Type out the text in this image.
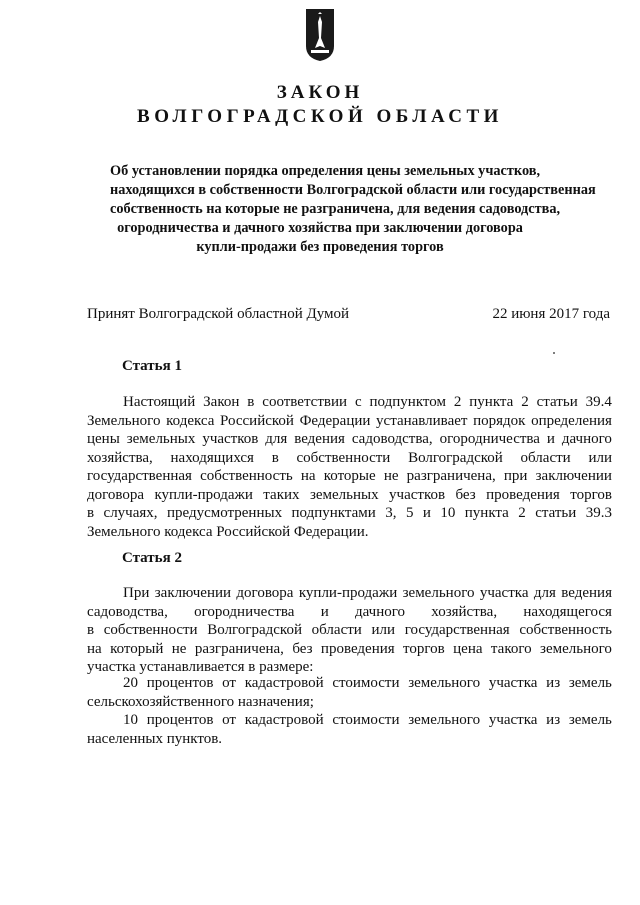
ЗАКОН
ВОЛГОГРАДСКОЙ ОБЛАСТИ
Об установлении порядка определения цены земельных участков,
находящихся в собственности Волгоградской области или государственная
собственность на которые не разграничена, для ведения садоводства,
огородничества и дачного хозяйства при заключении договора
купли-продажи без проведения торгов
Принят Волгоградской областной Думой	22 июня 2017 года
Статья 1
Настоящий Закон в соответствии с подпунктом 2 пункта 2 статьи 39.4
Земельного кодекса Российской Федерации устанавливает порядок определения
цены земельных участков для ведения садоводства, огородничества и дачного
хозяйства, находящихся в собственности Волгоградской области или
государственная собственность на которые не разграничена, при заключении
договора купли-продажи таких земельных участков без проведения торгов
в случаях, предусмотренных подпунктами 3, 5 и 10 пункта 2 статьи 39.3
Земельного кодекса Российской Федерации.
Статья 2
При заключении договора купли-продажи земельного участка для ведения
садоводства, огородничества и дачного хозяйства, находящегося
в собственности Волгоградской области или государственная собственность
на который не разграничена, без проведения торгов цена такого земельного
участка устанавливается в размере:
20 процентов от кадастровой стоимости земельного участка из земель
сельскохозяйственного назначения;
10 процентов от кадастровой стоимости земельного участка из земель
населенных пунктов.
